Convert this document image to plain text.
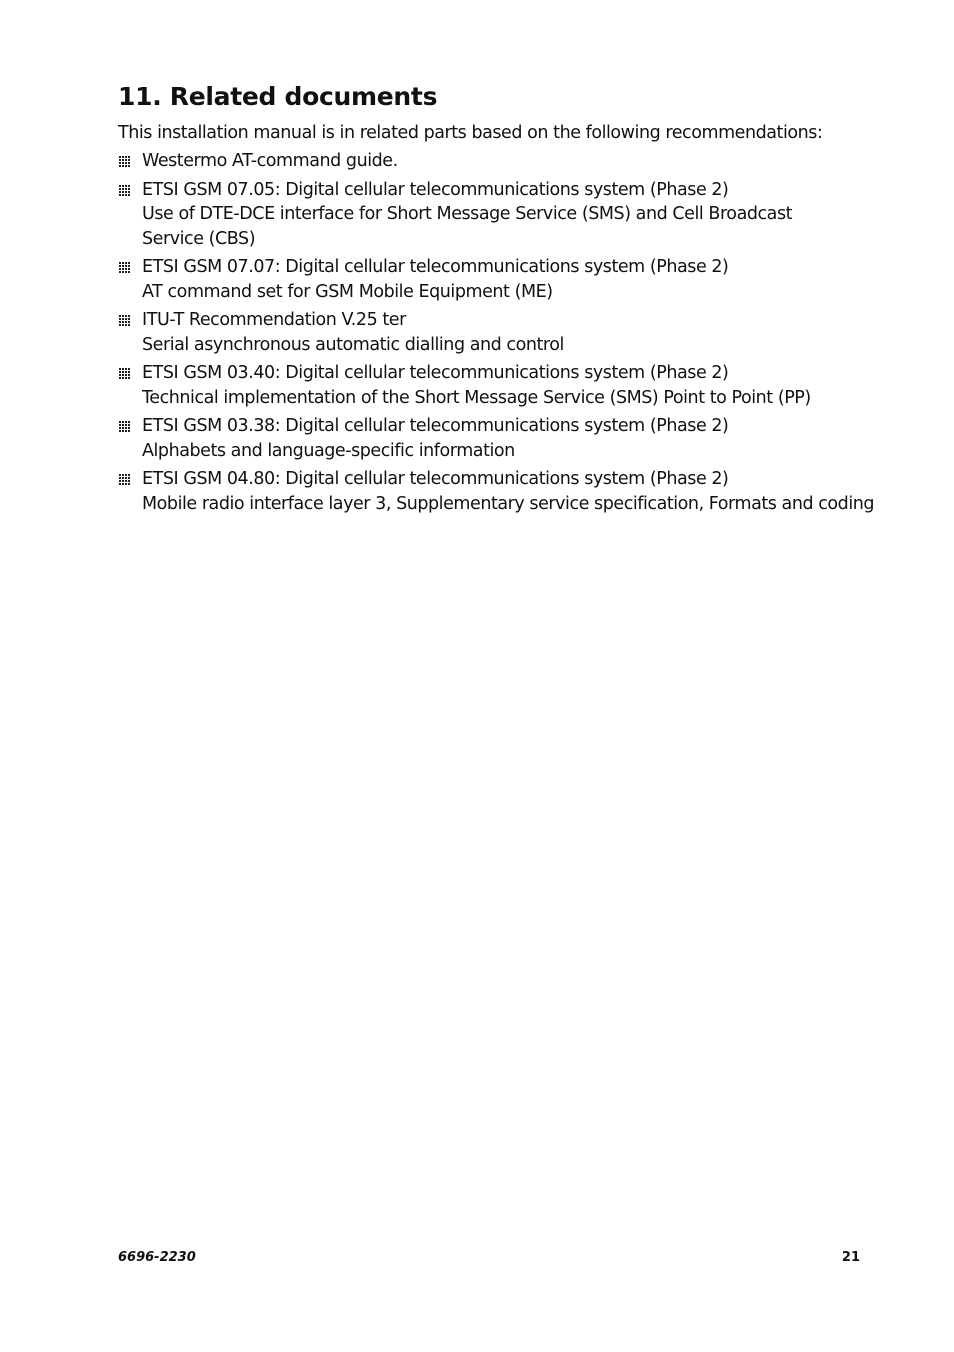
11. Related documents

This installation manual is in related parts based on the following recommendations:

Westermo AT-command guide.
ETSI GSM 07.05: Digital cellular telecommunications system (Phase 2)
Use of DTE-DCE interface for Short Message Service (SMS) and Cell Broadcast
Service (CBS)
ETSI GSM 07.07: Digital cellular telecommunications system (Phase 2)
AT command set for GSM Mobile Equipment (ME)
ITU-T Recommendation V.25 ter
Serial asynchronous automatic dialling and control
ETSI GSM 03.40: Digital cellular telecommunications system (Phase 2)
Technical implementation of the Short Message Service (SMS) Point to Point (PP)
ETSI GSM 03.38: Digital cellular telecommunications system (Phase 2)
Alphabets and language-specific information
ETSI GSM 04.80: Digital cellular telecommunications system (Phase 2)
Mobile radio interface layer 3, Supplementary service specification, Formats and coding
6696-2230	21
